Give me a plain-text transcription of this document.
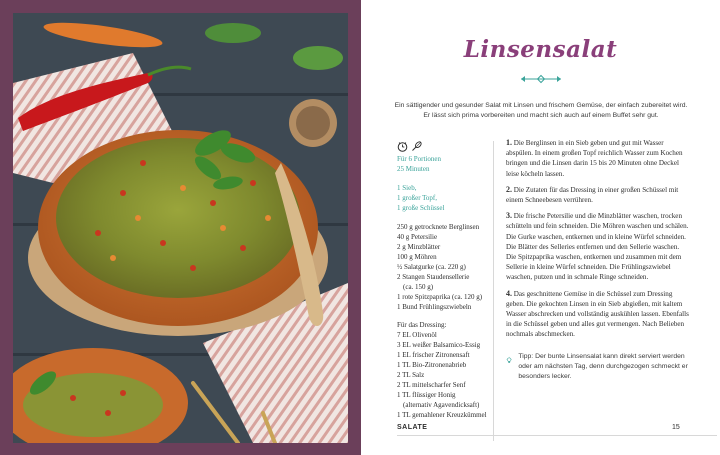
Linsensalat
Ein sättigender und gesunder Salat mit Linsen und frischem Gemüse, der einfach zubereitet wird. Er lässt sich prima vorbereiten und macht sich auch auf einem Buffet sehr gut.
Für 6 Portionen
25 Minuten
1 Sieb,
1 großer Topf,
1 große Schüssel
250 g getrocknete Berglinsen
40 g Petersilie
2 g Minzblätter
100 g Möhren
½ Salatgurke (ca. 220 g)
2 Stangen Staudensellerie
(ca. 150 g)
1 rote Spitzpaprika (ca. 120 g)
1 Bund Frühlingszwiebeln
Für das Dressing:
7 EL Olivenöl
3 EL weißer Balsamico-Essig
1 EL frischer Zitronensaft
1 TL Bio-Zitronenabrieb
2 TL Salz
2 TL mittelscharfer Senf
1 TL flüssiger Honig
(alternativ Agavendicksaft)
1 TL gemahlener Kreuzkümmel

1. Die Berglinsen in ein Sieb geben und gut mit Wasser abspülen. In einem großen Topf reichlich Wasser zum Kochen bringen und die Linsen darin 15 bis 20 Minuten ohne Deckel leise köcheln lassen.

2. Die Zutaten für das Dressing in einer großen Schüssel mit einem Schneebesen verrühren.

3. Die frische Petersilie und die Minzblätter waschen, trocken schütteln und fein schneiden. Die Möhren waschen und schälen. Die Gurke waschen, entkernen und in kleine Würfel schneiden. Die Blätter des Selleries entfernen und den Sellerie waschen. Die Spitzpaprika waschen, entkernen und zusammen mit dem Sellerie in kleine Würfel schneiden. Die Frühlingszwiebel waschen, putzen und in schmale Ringe schneiden.

4. Das geschnittene Gemüse in die Schüssel zum Dressing geben. Die gekochten Linsen in ein Sieb abgießen, mit kaltem Wasser abschrecken und vollständig auskühlen lassen. Ebenfalls in die Schüssel geben und alles gut vermengen. Nach Belieben nochmals abschmecken.

Tipp: Der bunte Linsensalat kann direkt serviert werden oder am nächsten Tag, denn durchgezogen schmeckt er besonders lecker.
SALATE	15
